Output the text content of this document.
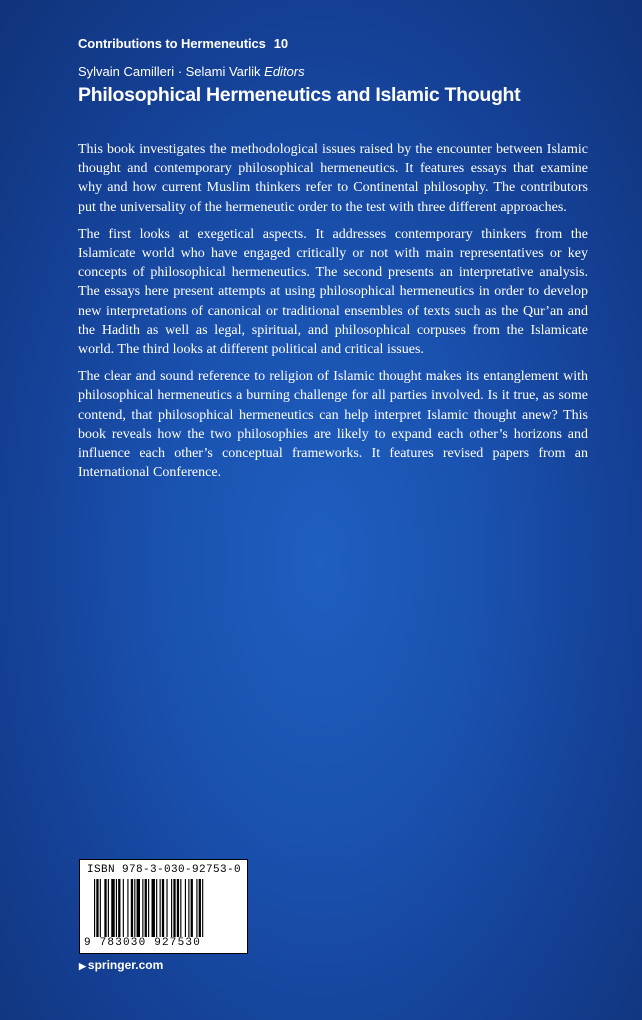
Contributions to Hermeneutics 10
Sylvain Camilleri · Selami Varlik Editors
Philosophical Hermeneutics and Islamic Thought

This book investigates the methodological issues raised by the encounter between Islamic thought and contemporary philosophical hermeneutics. It features essays that examine why and how current Muslim thinkers refer to Continental philosophy. The contributors put the universality of the hermeneutic order to the test with three different approaches.

The first looks at exegetical aspects. It addresses contemporary thinkers from the Islamicate world who have engaged critically or not with main representatives or key concepts of philosophical hermeneutics. The second presents an interpretative analysis. The essays here present attempts at using philosophical hermeneutics in order to develop new interpretations of canonical or traditional ensembles of texts such as the Qur’an and the Hadith as well as legal, spiritual, and philosophical corpuses from the Islamicate world. The third looks at different political and critical issues.

The clear and sound reference to religion of Islamic thought makes its entanglement with philosophical hermeneutics a burning challenge for all parties involved. Is it true, as some contend, that philosophical hermeneutics can help interpret Islamic thought anew? This book reveals how the two philosophies are likely to expand each other’s horizons and influence each other’s conceptual frameworks. It features revised papers from an International Conference.

ISBN 978-3-030-92753-0
9 783030 927530
▶ springer.com
